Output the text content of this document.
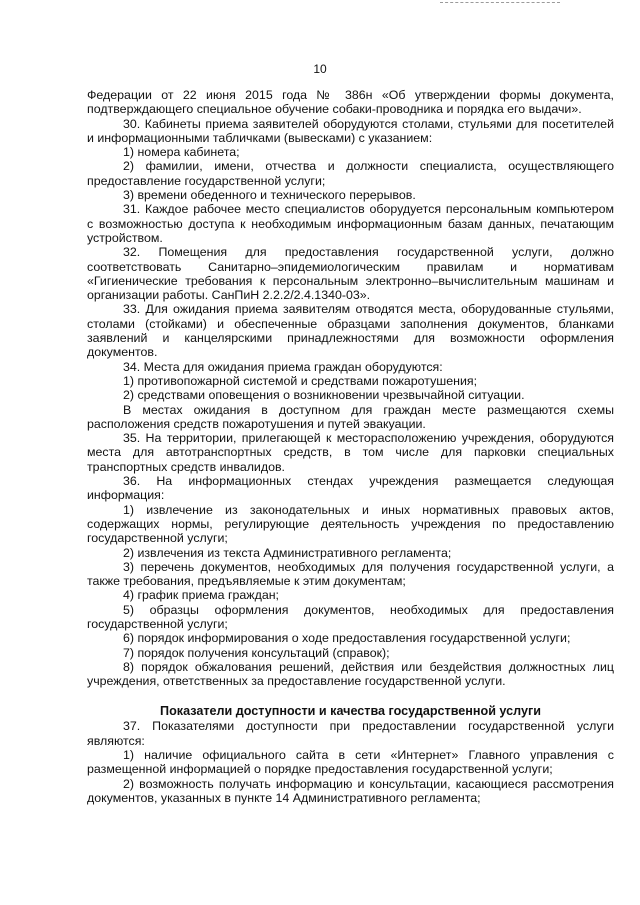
10

Федерации от 22 июня 2015 года № 386н «Об утверждении формы документа, подтверждающего специальное обучение собаки-проводника и порядка его выдачи».

30. Кабинеты приема заявителей оборудуются столами, стульями для посетителей и информационными табличками (вывесками) с указанием:

1) номера кабинета;

2) фамилии, имени, отчества и должности специалиста, осуществляющего предоставление государственной услуги;

3) времени обеденного и технического перерывов.

31. Каждое рабочее место специалистов оборудуется персональным компьютером с возможностью доступа к необходимым информационным базам данных, печатающим устройством.

32. Помещения для предоставления государственной услуги, должно соответствовать Санитарно–эпидемиологическим правилам и нормативам «Гигиенические требования к персональным электронно–вычислительным машинам и организации работы. СанПиН 2.2.2/2.4.1340-03».

33. Для ожидания приема заявителям отводятся места, оборудованные стульями, столами (стойками) и обеспеченные образцами заполнения документов, бланками заявлений и канцелярскими принадлежностями для возможности оформления документов.

34. Места для ожидания приема граждан оборудуются:

1) противопожарной системой и средствами пожаротушения;

2) средствами оповещения о возникновении чрезвычайной ситуации.

В местах ожидания в доступном для граждан месте размещаются схемы расположения средств пожаротушения и путей эвакуации.

35. На территории, прилегающей к месторасположению учреждения, оборудуются места для автотранспортных средств, в том числе для парковки специальных транспортных средств инвалидов.

36. На информационных стендах учреждения размещается следующая информация:

1) извлечение из законодательных и иных нормативных правовых актов, содержащих нормы, регулирующие деятельность учреждения по предоставлению государственной услуги;

2) извлечения из текста Административного регламента;

3) перечень документов, необходимых для получения государственной услуги, а также требования, предъявляемые к этим документам;

4) график приема граждан;

5) образцы оформления документов, необходимых для предоставления государственной услуги;

6) порядок информирования о ходе предоставления государственной услуги;

7) порядок получения консультаций (справок);

8) порядок обжалования решений, действия или бездействия должностных лиц учреждения, ответственных за предоставление государственной услуги.

Показатели доступности и качества государственной услуги

37. Показателями доступности при предоставлении государственной услуги являются:

1) наличие официального сайта в сети «Интернет» Главного управления с размещенной информацией о порядке предоставления государственной услуги;

2) возможность получать информацию и консультации, касающиеся рассмотрения документов, указанных в пункте 14 Административного регламента;
